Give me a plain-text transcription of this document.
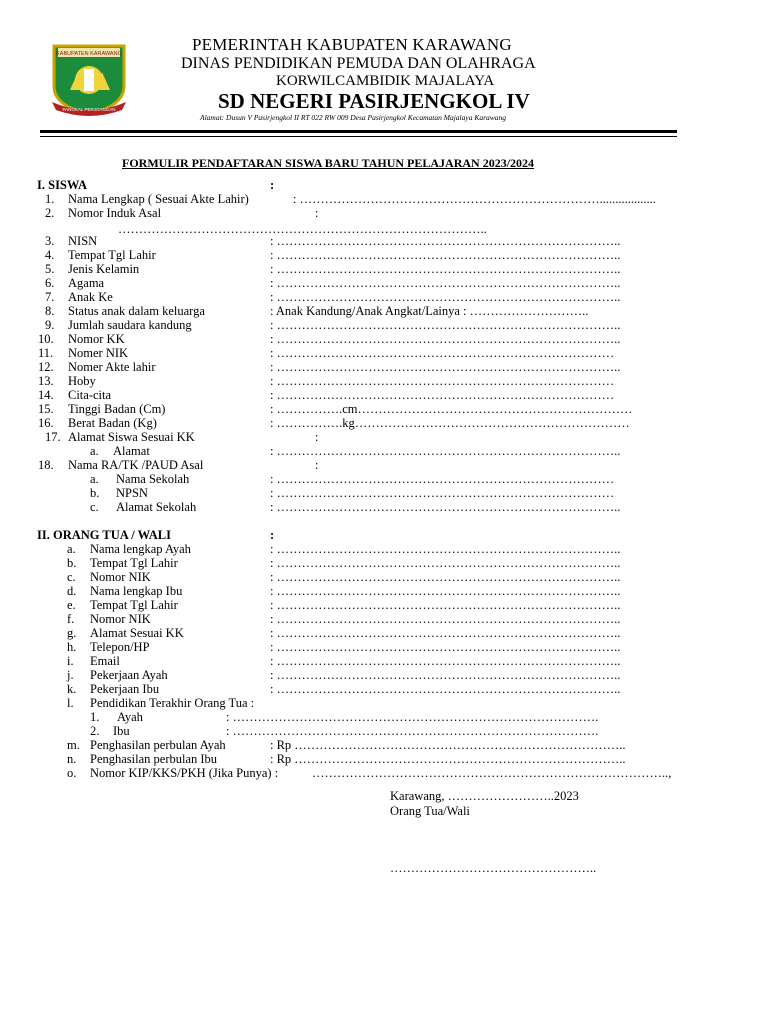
KABUPATEN KARAWANG
PANGKAL PERJOANGAN
PEMERINTAH KABUPATEN KARAWANG
DINAS PENDIDIKAN PEMUDA DAN OLAHRAGA
KORWILCAMBIDIK MAJALAYA
SD NEGERI PASIRJENGKOL IV
Alamat: Dusun V Pasirjengkol II RT 022 RW 009 Desa Pasirjengkol Kecamatan Majalaya Karawang
FORMULIR PENDAFTARAN SISWA BARU TAHUN PELAJARAN 2023/2024
I. SISWA	:
1. Nama Lengkap ( Sesuai Akte Lahir)	: ………………………………………………………………..................
2. Nomor Induk Asal	:
……………………………………………………………………………..
3. NISN	: ………………………………………………………………………..
4. Tempat Tgl Lahir	: ………………………………………………………………………..
5. Jenis Kelamin	: ………………………………………………………………………..
6. Agama	: ………………………………………………………………………..
7. Anak Ke	: ………………………………………………………………………..
8. Status anak dalam keluarga	: Anak Kandung/Anak Angkat/Lainya : ………………………..
9. Jumlah saudara kandung	: ………………………………………………………………………..
10. Nomor KK	: ………………………………………………………………………..
11. Nomer NIK	: ………………………………………………………………………
12. Nomer Akte lahir	: ………………………………………………………………………..
13. Hoby	: ………………………………………………………………………
14. Cita-cita	: ………………………………………………………………………
15. Tinggi Badan (Cm)	: …………….cm…………………………………………………………
16. Berat Badan (Kg)	: …………….kg…………………………………………………………
17. Alamat Siswa Sesuai KK	:
a. Alamat	: ………………………………………………………………………..
18. Nama RA/TK /PAUD Asal	:
a. Nama Sekolah	: ………………………………………………………………………
b. NPSN	: ………………………………………………………………………
c. Alamat Sekolah	: ………………………………………………………………………..
II. ORANG TUA / WALI	:
a. Nama lengkap Ayah	: ………………………………………………………………………..
b. Tempat Tgl Lahir	: ………………………………………………………………………..
c. Nomor NIK	: ………………………………………………………………………..
d. Nama lengkap Ibu	: ………………………………………………………………………..
e. Tempat Tgl Lahir	: ………………………………………………………………………..
f. Nomor NIK	: ………………………………………………………………………..
g. Alamat Sesuai KK	: ………………………………………………………………………..
h. Telepon/HP	: ………………………………………………………………………..
i. Email	: ………………………………………………………………………..
j. Pekerjaan Ayah	: ………………………………………………………………………..
k. Pekerjaan Ibu	: ………………………………………………………………………..
l. Pendidikan Terakhir Orang Tua :
1. Ayah	: …………………………………………………………………………….
2. Ibu	: …………………………………………………………………………….
m. Penghasilan perbulan Ayah	: Rp ……………………………………………………………………..
n. Penghasilan perbulan Ibu	: Rp ……………………………………………………………………..
o. Nomor KIP/KKS/PKH (Jika Punya) :	…………………………………………………………………………..,
Karawang, ……………………..2023
Orang Tua/Wali
…………………………………………..
